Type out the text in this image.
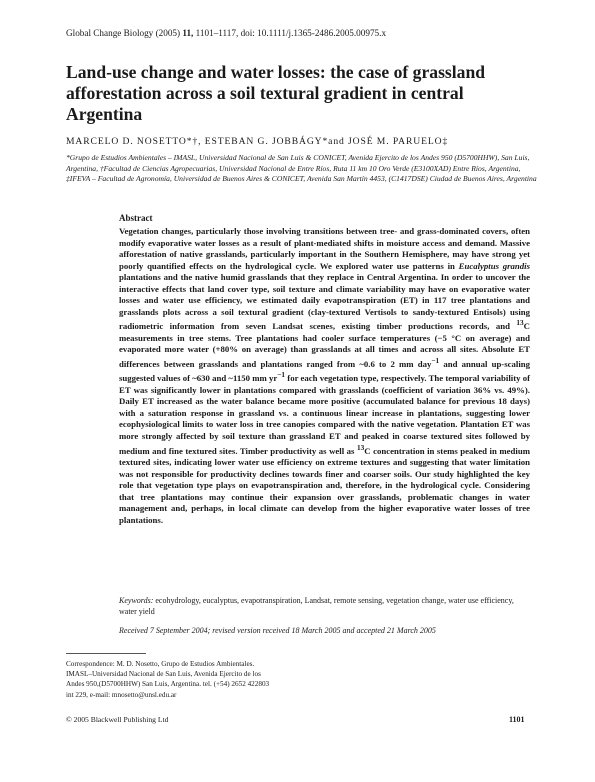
Global Change Biology (2005) 11, 1101–1117, doi: 10.1111/j.1365-2486.2005.00975.x
Land-use change and water losses: the case of grassland afforestation across a soil textural gradient in central Argentina
MARCELO D. NOSETTO*†, ESTEBAN G. JOBBÁGY*and JOSÉ M. PARUELO‡

*Grupo de Estudios Ambientales – IMASL, Universidad Nacional de San Luis & CONICET, Avenida Ejercito de los Andes 950 (D5700HHW), San Luis, Argentina, †Facultad de Ciencias Agropecuarias, Universidad Nacional de Entre Ríos, Ruta 11 km 10 Oro Verde (E3100XAD) Entre Ríos, Argentina, ‡IFEVA – Facultad de Agronomía, Universidad de Buenos Aires & CONICET, Avenida San Martín 4453, (C1417DSE) Ciudad de Buenos Aires, Argentina

Abstract

Vegetation changes, particularly those involving transitions between tree- and grass-dominated covers, often modify evaporative water losses as a result of plant-mediated shifts in moisture access and demand. Massive afforestation of native grasslands, particularly important in the Southern Hemisphere, may have strong yet poorly quantified effects on the hydrological cycle. We explored water use patterns in Eucalyptus grandis plantations and the native humid grasslands that they replace in Central Argentina. In order to uncover the interactive effects that land cover type, soil texture and climate variability may have on evaporative water losses and water use efficiency, we estimated daily evapotranspiration (ET) in 117 tree plantations and grasslands plots across a soil textural gradient (clay-textured Vertisols to sandy-textured Entisols) using radiometric information from seven Landsat scenes, existing timber productions records, and $^{13}$C measurements in tree stems. Tree plantations had cooler surface temperatures (−5 °C on average) and evaporated more water (+80% on average) than grasslands at all times and across all sites. Absolute ET differences between grasslands and plantations ranged from ~0.6 to 2 mm day$^{-1}$ and annual up-scaling suggested values of ~630 and ~1150 mm $yr^{-1}$ for each vegetation type, respectively. The temporal variability of ET was significantly lower in plantations compared with grasslands (coefficient of variation 36% vs. 49%). Daily ET increased as the water balance became more positive (accumulated balance for previous 18 days) with a saturation response in grassland vs. a continuous linear increase in plantations, suggesting lower ecophysiological limits to water loss in tree canopies compared with the native vegetation. Plantation ET was more strongly affected by soil texture than grassland ET and peaked in coarse textured sites followed by medium and fine textured sites. Timber productivity as well as $^{13}$C concentration in stems peaked in medium textured sites, indicating lower water use efficiency on extreme textures and suggesting that water limitation was not responsible for productivity declines towards finer and coarser soils. Our study highlighted the key role that vegetation type plays on evapotranspiration and, therefore, in the hydrological cycle. Considering that tree plantations may continue their expansion over grasslands, problematic changes in water management and, perhaps, in local climate can develop from the higher evaporative water losses of tree plantations.

Keywords: ecohydrology, eucalyptus, evapotranspiration, Landsat, remote sensing, vegetation change, water use efficiency, water yield

Received 7 September 2004; revised version received 18 March 2005 and accepted 21 March 2005

Correspondence: M. D. Nosetto, Grupo de Estudios Ambientales.
IMASL–Universidad Nacional de San Luis, Avenida Ejercito de los
Andes 950,(D5700HHW) San Luis, Argentina. tel. (+54) 2652 422803
int 229, e-mail: mnosetto@unsl.edu.ar

© 2005 Blackwell Publishing Ltd	1101
